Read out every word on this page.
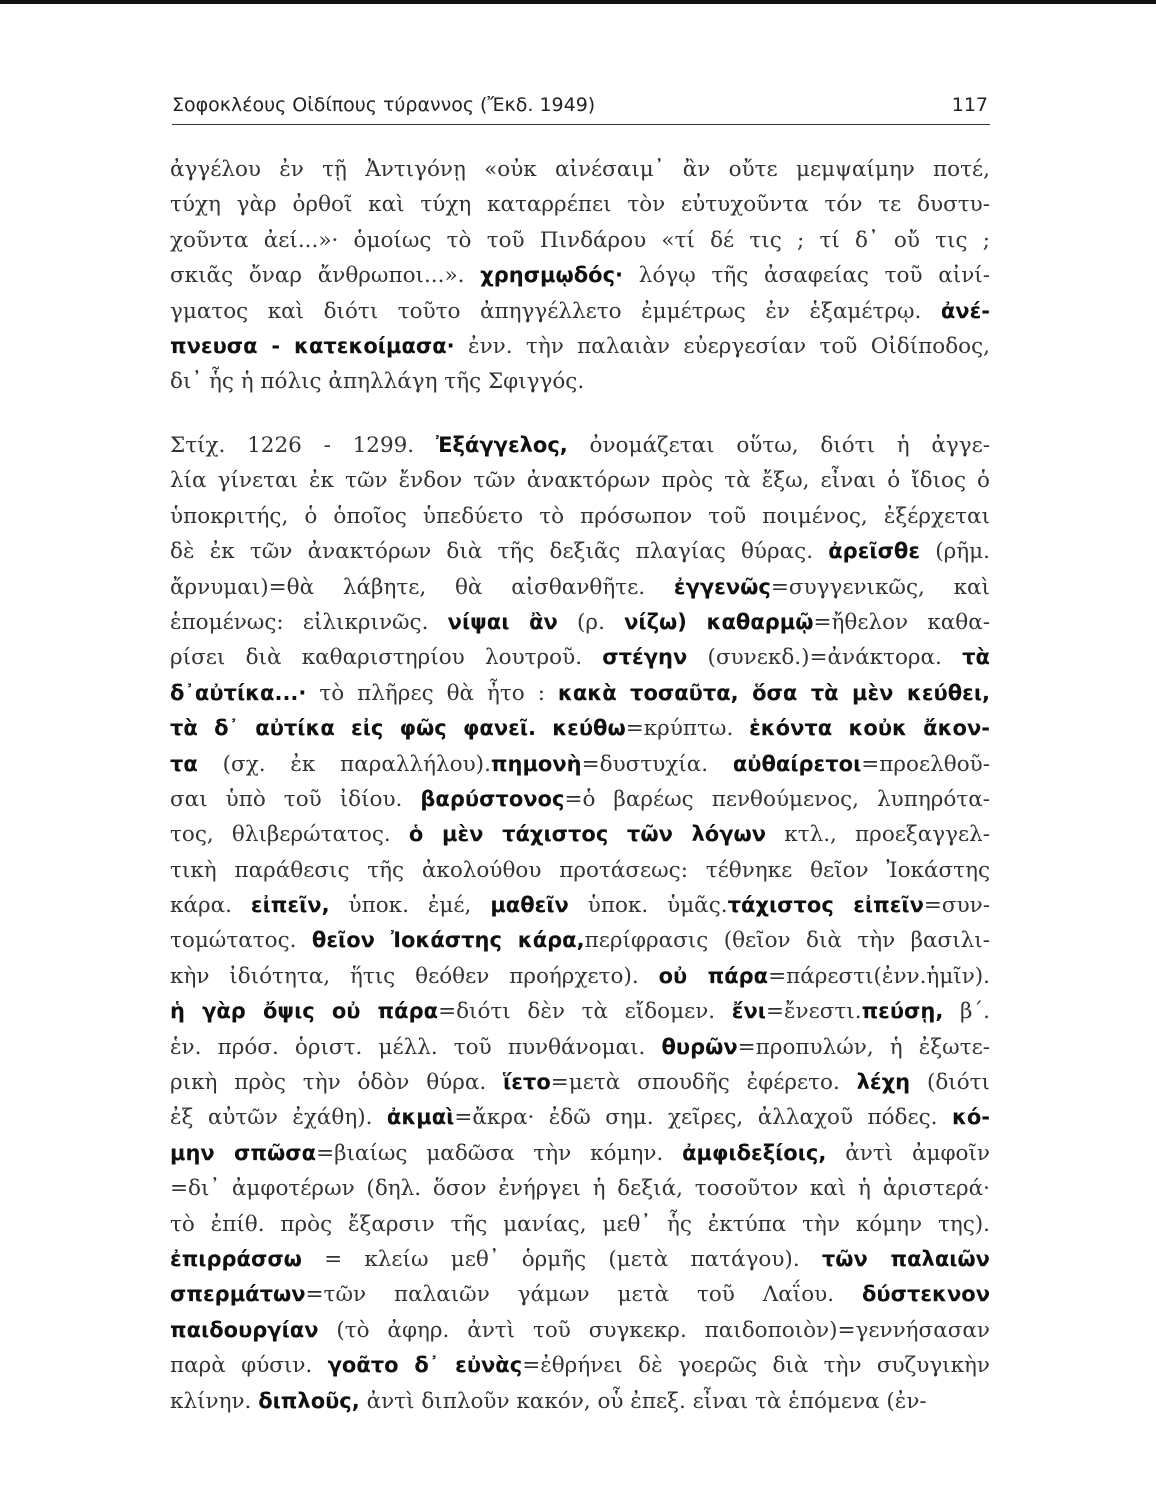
Σοφοκλέους Οἰδίπους τύραννος (Ἔκδ. 1949)	117
ἀγγέλου ἐν τῇ Ἀντιγόνῃ «οὐκ αἰνέσαιμ᾽ ἂν οὔτε μεμψαίμην ποτέ,
τύχη γὰρ ὀρθοῖ καὶ τύχη καταρρέπει τὸν εὐτυχοῦντα τόν τε δυστυ-
χοῦντα ἀεί...»· ὁμοίως τὸ τοῦ Πινδάρου «τί δέ τις ; τί δ᾽ οὔ τις ;
σκιᾶς ὄναρ ἄνθρωποι...». χρησμῳδός· λόγῳ τῆς ἀσαφείας τοῦ αἰνί-
γματος καὶ διότι τοῦτο ἀπηγγέλλετο ἐμμέτρως ἐν ἑξαμέτρῳ. ἀνέ-
πνευσα - κατεκοίμασα· ἐνν. τὴν παλαιὰν εὐεργεσίαν τοῦ Οἰδίποδος,
δι᾽ ἧς ἡ πόλις ἀπηλλάγη τῆς Σφιγγός.
Στίχ. 1226 - 1299. Ἐξάγγελος, ὀνομάζεται οὕτω, διότι ἡ ἀγγε-
λία γίνεται ἐκ τῶν ἔνδον τῶν ἀνακτόρων πρὸς τὰ ἔξω, εἶναι ὁ ἴδιος ὁ
ὑποκριτής, ὁ ὁποῖος ὑπεδύετο τὸ πρόσωπον τοῦ ποιμένος, ἐξέρχεται
δὲ ἐκ τῶν ἀνακτόρων διὰ τῆς δεξιᾶς πλαγίας θύρας. ἀρεῖσθε (ρῆμ.
ἄρνυμαι)=θὰ λάβητε, θὰ αἰσθανθῆτε. ἐγγενῶς=συγγενικῶς, καὶ
ἑπομένως: εἰλικρινῶς. νίψαι ἂν (ρ. νίζω) καθαρμῷ=ἤθελον καθα-
ρίσει διὰ καθαριστηρίου λουτροῦ. στέγην (συνεκδ.)=ἀνάκτορα. τὰ
δ᾽αὐτίκα...· τὸ πλῆρες θὰ ἦτο : κακὰ τοσαῦτα, ὅσα τὰ μὲν κεύθει,
τὰ δ᾽ αὐτίκα εἰς φῶς φανεῖ. κεύθω=κρύπτω. ἑκόντα κοὐκ ἄκον-
τα (σχ. ἐκ παραλλήλου).πημονὴ=δυστυχία. αὐθαίρετοι=προελθοῦ-
σαι ὑπὸ τοῦ ἰδίου. βαρύστονος=ὁ βαρέως πενθούμενος, λυπηρότα-
τος, θλιβερώτατος. ὁ μὲν τάχιστος τῶν λόγων κτλ., προεξαγγελ-
τικὴ παράθεσις τῆς ἀκολούθου προτάσεως: τέθνηκε θεῖον Ἰοκάστης
κάρα. εἰπεῖν, ὑποκ. ἐμέ, μαθεῖν ὑποκ. ὑμᾶς.τάχιστος εἰπεῖν=συν-
τομώτατος. θεῖον Ἰοκάστης κάρα,περίφρασις (θεῖον διὰ τὴν βασιλι-
κὴν ἰδιότητα, ἥτις θεόθεν προήρχετο). οὐ πάρα=πάρεστι(ἐνν.ἡμῖν).
ἡ γὰρ ὄψις οὐ πάρα=διότι δὲν τὰ εἴδομεν. ἔνι=ἔνεστι.πεύσῃ, β΄.
ἑν. πρόσ. ὁριστ. μέλλ. τοῦ πυνθάνομαι. θυρῶν=προπυλών, ἡ ἐξωτε-
ρικὴ πρὸς τὴν ὁδὸν θύρα. ἵετο=μετὰ σπουδῆς ἐφέρετο. λέχη (διότι
ἐξ αὐτῶν ἐχάθη). ἀκμαὶ=ἄκρα· ἐδῶ σημ. χεῖρες, ἀλλαχοῦ πόδες. κό-
μην σπῶσα=βιαίως μαδῶσα τὴν κόμην. ἀμφιδεξίοις, ἀντὶ ἀμφοῖν
=δι᾽ ἀμφοτέρων (δηλ. ὅσον ἐνήργει ἡ δεξιά, τοσοῦτον καὶ ἡ ἀριστερά·
τὸ ἐπίθ. πρὸς ἔξαρσιν τῆς μανίας, μεθ᾽ ἧς ἐκτύπα τὴν κόμην της).
ἐπιρράσσω = κλείω μεθ᾽ ὁρμῆς (μετὰ πατάγου). τῶν παλαιῶν
σπερμάτων=τῶν παλαιῶν γάμων μετὰ τοῦ Λαΐου. δύστεκνον
παιδουργίαν (τὸ ἀφηρ. ἀντὶ τοῦ συγκεκρ. παιδοποιὸν)=γεννήσασαν
παρὰ φύσιν. γοᾶτο δ᾽ εὐνὰς=ἐθρήνει δὲ γοερῶς διὰ τὴν συζυγικὴν
κλίνην. διπλοῦς, ἀντὶ διπλοῦν κακόν, οὗ ἐπεξ. εἶναι τὰ ἑπόμενα (ἐν-
